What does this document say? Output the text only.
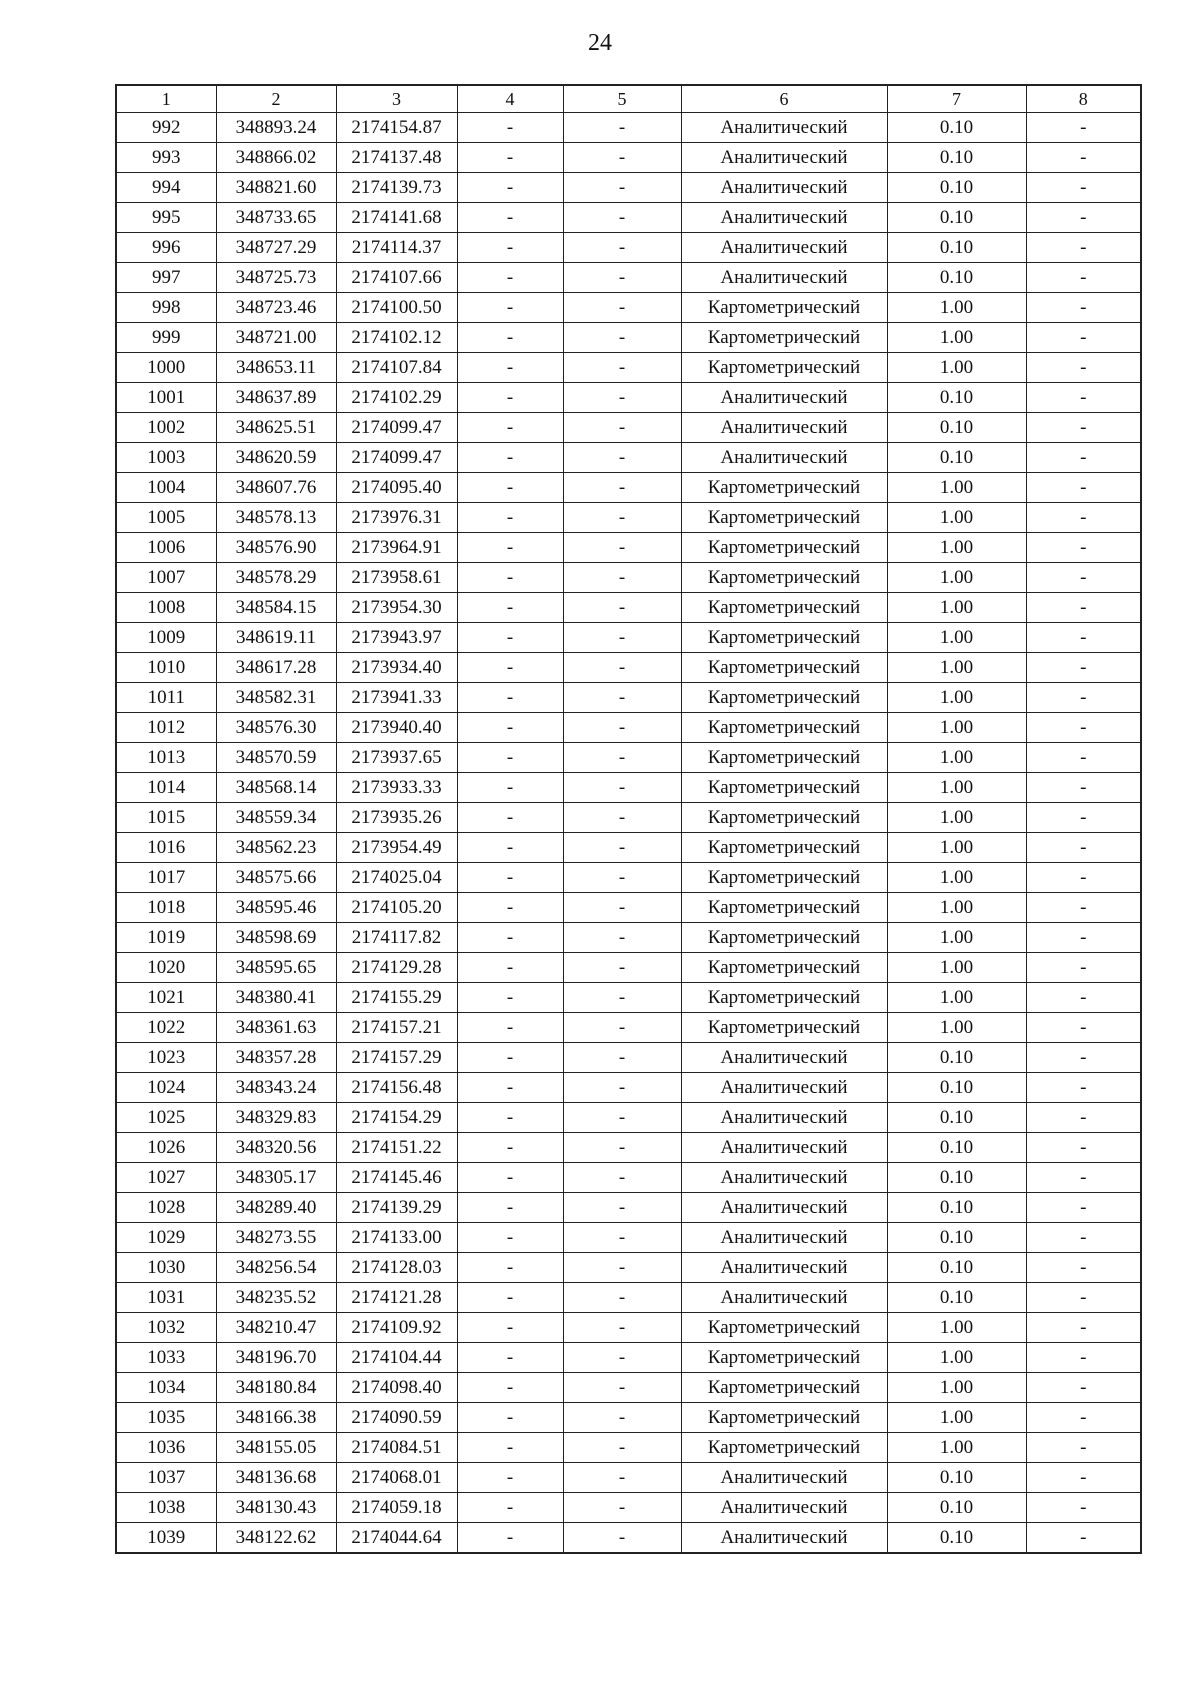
24
1	2	3	4	5	6	7	8
992	348893.24	2174154.87	-	-	Аналитический	0.10	-
993	348866.02	2174137.48	-	-	Аналитический	0.10	-
994	348821.60	2174139.73	-	-	Аналитический	0.10	-
995	348733.65	2174141.68	-	-	Аналитический	0.10	-
996	348727.29	2174114.37	-	-	Аналитический	0.10	-
997	348725.73	2174107.66	-	-	Аналитический	0.10	-
998	348723.46	2174100.50	-	-	Картометрический	1.00	-
999	348721.00	2174102.12	-	-	Картометрический	1.00	-
1000	348653.11	2174107.84	-	-	Картометрический	1.00	-
1001	348637.89	2174102.29	-	-	Аналитический	0.10	-
1002	348625.51	2174099.47	-	-	Аналитический	0.10	-
1003	348620.59	2174099.47	-	-	Аналитический	0.10	-
1004	348607.76	2174095.40	-	-	Картометрический	1.00	-
1005	348578.13	2173976.31	-	-	Картометрический	1.00	-
1006	348576.90	2173964.91	-	-	Картометрический	1.00	-
1007	348578.29	2173958.61	-	-	Картометрический	1.00	-
1008	348584.15	2173954.30	-	-	Картометрический	1.00	-
1009	348619.11	2173943.97	-	-	Картометрический	1.00	-
1010	348617.28	2173934.40	-	-	Картометрический	1.00	-
1011	348582.31	2173941.33	-	-	Картометрический	1.00	-
1012	348576.30	2173940.40	-	-	Картометрический	1.00	-
1013	348570.59	2173937.65	-	-	Картометрический	1.00	-
1014	348568.14	2173933.33	-	-	Картометрический	1.00	-
1015	348559.34	2173935.26	-	-	Картометрический	1.00	-
1016	348562.23	2173954.49	-	-	Картометрический	1.00	-
1017	348575.66	2174025.04	-	-	Картометрический	1.00	-
1018	348595.46	2174105.20	-	-	Картометрический	1.00	-
1019	348598.69	2174117.82	-	-	Картометрический	1.00	-
1020	348595.65	2174129.28	-	-	Картометрический	1.00	-
1021	348380.41	2174155.29	-	-	Картометрический	1.00	-
1022	348361.63	2174157.21	-	-	Картометрический	1.00	-
1023	348357.28	2174157.29	-	-	Аналитический	0.10	-
1024	348343.24	2174156.48	-	-	Аналитический	0.10	-
1025	348329.83	2174154.29	-	-	Аналитический	0.10	-
1026	348320.56	2174151.22	-	-	Аналитический	0.10	-
1027	348305.17	2174145.46	-	-	Аналитический	0.10	-
1028	348289.40	2174139.29	-	-	Аналитический	0.10	-
1029	348273.55	2174133.00	-	-	Аналитический	0.10	-
1030	348256.54	2174128.03	-	-	Аналитический	0.10	-
1031	348235.52	2174121.28	-	-	Аналитический	0.10	-
1032	348210.47	2174109.92	-	-	Картометрический	1.00	-
1033	348196.70	2174104.44	-	-	Картометрический	1.00	-
1034	348180.84	2174098.40	-	-	Картометрический	1.00	-
1035	348166.38	2174090.59	-	-	Картометрический	1.00	-
1036	348155.05	2174084.51	-	-	Картометрический	1.00	-
1037	348136.68	2174068.01	-	-	Аналитический	0.10	-
1038	348130.43	2174059.18	-	-	Аналитический	0.10	-
1039	348122.62	2174044.64	-	-	Аналитический	0.10	-
